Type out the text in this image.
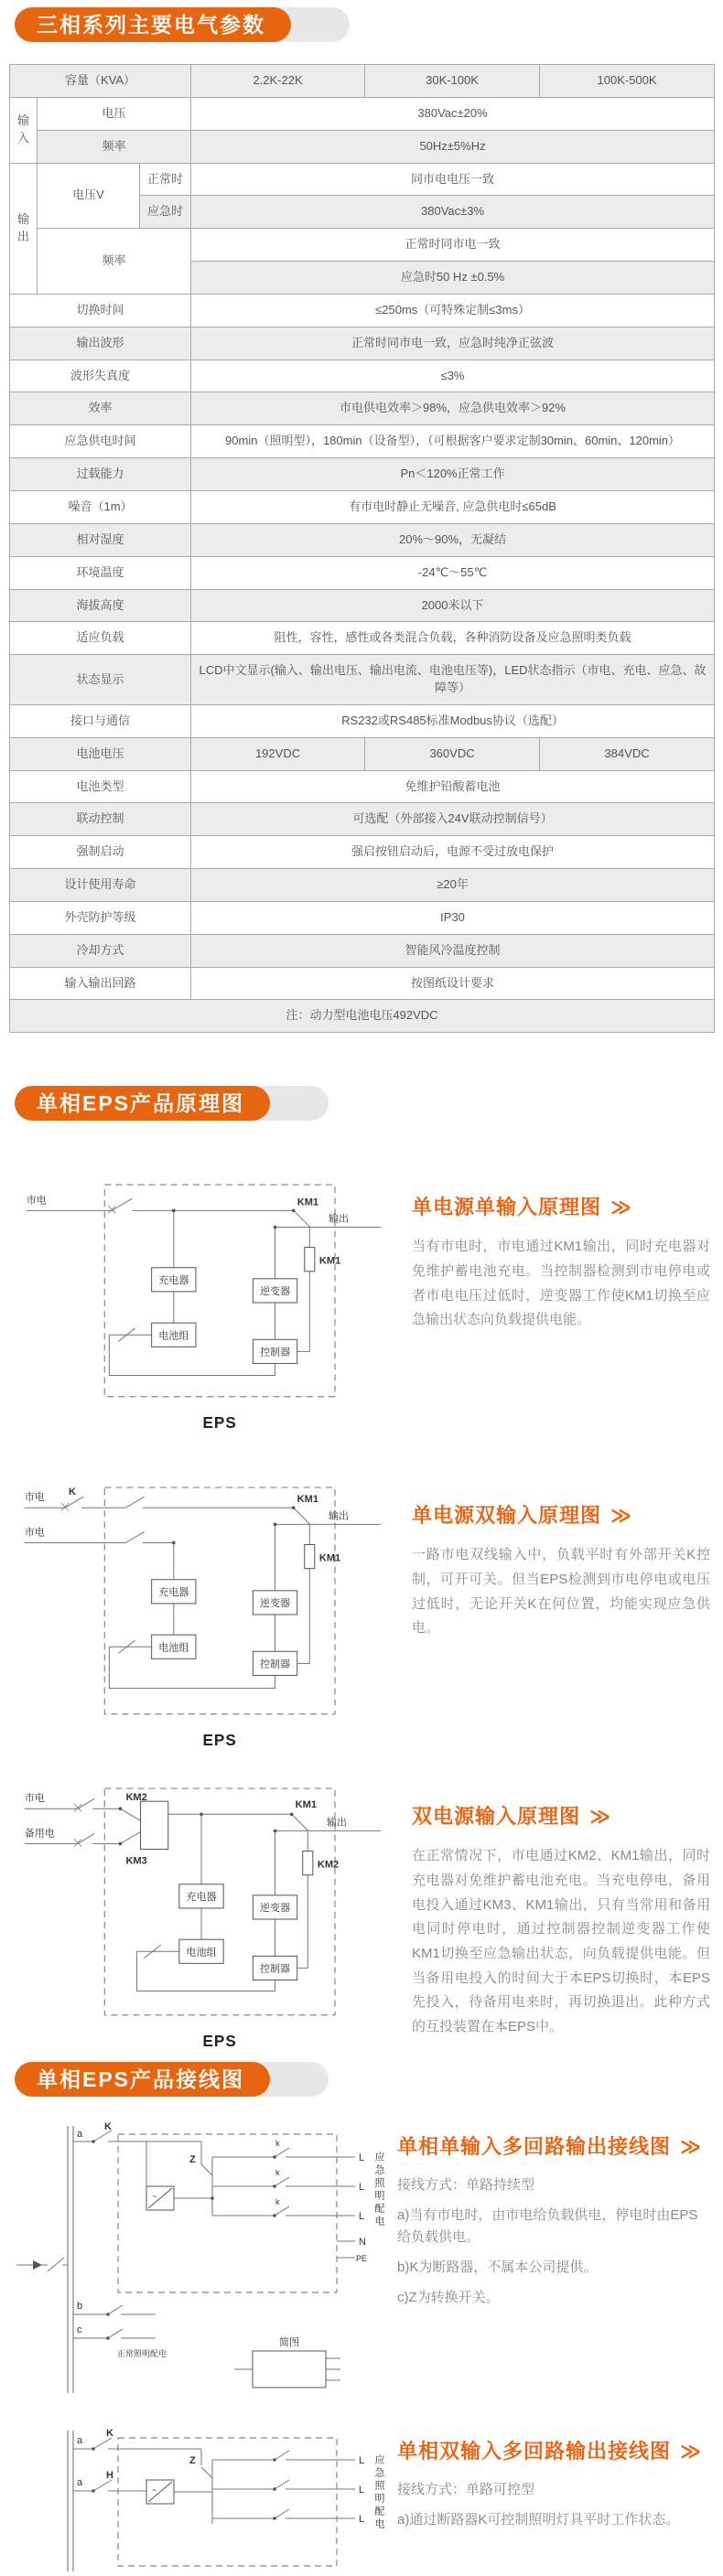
三相系列主要电气参数
容量（KVA）			2.2K-22K	30K-100K	100K-500K
输入	电压		380Vac±20%		
	频率		50Hz±5%Hz		
输出	电压V	正常时	同市电电压一致		
		应急时	380Vac±3%		
	频率		正常时同市电一致		
			应急时50 Hz ±0.5%		
切换时间			≤250ms（可特殊定制≤3ms）		
输出波形			正常时同市电一致，应急时纯净正弦波		
波形失真度			≤3%		
效率			市电供电效率＞98%，应急供电效率＞92%		
应急供电时间			90min（照明型），180min（设备型），（可根据客户要求定制30min、60min、120min）		
过载能力			Pn＜120%正常工作		
噪音（1m）			有市电时静止无噪音, 应急供电时≤65dB		
相对湿度			20%～90%，无凝结		
环境温度			-24℃～55℃		
海拔高度			2000米以下		
适应负载			阻性，容性，感性或各类混合负载，各种消防设备及应急照明类负载		
状态显示			LCD中文显示(输入、输出电压、输出电流、电池电压等)，LED状态指示（市电、充电、应急、故障等）		
接口与通信			RS232或RS485标准Modbus协议（选配）		
电池电压			192VDC	360VDC	384VDC
电池类型			免维护铅酸蓄电池		
联动控制			可选配（外部接入24V联动控制信号）		
强制启动			强启按钮启动后，电源不受过放电保护		
设计使用寿命			≥20年		
外壳防护等级			IP30		
冷却方式			智能风冷温度控制		
输入输出回路			按图纸设计要求		
注：动力型电池电压492VDC					
单相EPS产品原理图
市电	KM1
输出
KM1
充电器
电池组
逆变器
控制器
EPS
单电源单输入原理图 ≫

当有市电时，市电通过KM1输出，同时充电器对免维护蓄电池充电。当控制器检测到市电停电或者市电电压过低时，逆变器工作使KM1切换至应急输出状态向负载提供电能。

市电
K
市电
KM1
输出
KM1
充电器
电池组
逆变器
控制器
EPS
单电源双输入原理图 ≫

一路市电双线输入中，负载平时有外部开关K控制，可开可关。但当EPS检测到市电停电或电压过低时，无论开关K在何位置，均能实现应急供电。

市电
备用电
KM2
KM3
KM1
输出
KM2
充电器
电池组
逆变器
控制器
EPS
双电源输入原理图 ≫

在正常情况下，市电通过KM2、KM1输出，同时充电器对免维护蓄电池充电。当充电停电，备用电投入通过KM3、KM1输出，只有当常用和备用电同时停电时，通过控制器控制逆变器工作使KM1切换至应急输出状态，向负载提供电能。但当备用电投入的时间大于本EPS切换时，本EPS先投入，待备用电来时，再切换退出。此种方式的互投装置在本EPS中。

单相EPS产品接线图
~
a
K
Z
k
k
k
L
L
L
N
PE
b
c
正常照明配电
简图
应急照明配电
单相单输入多回路输出接线图 ≫

接线方式：单路持续型

a)当有市电时，由市电给负载供电，停电时由EPS给负载供电。

b)K为断路器，不属本公司提供。

c)Z为转换开关。

~
a
K
a
H
Z	L
L
L 应急照明配电
单相双输入多回路输出接线图 ≫

接线方式：单路可控型

a)通过断路器K可控制照明灯具平时工作状态。
